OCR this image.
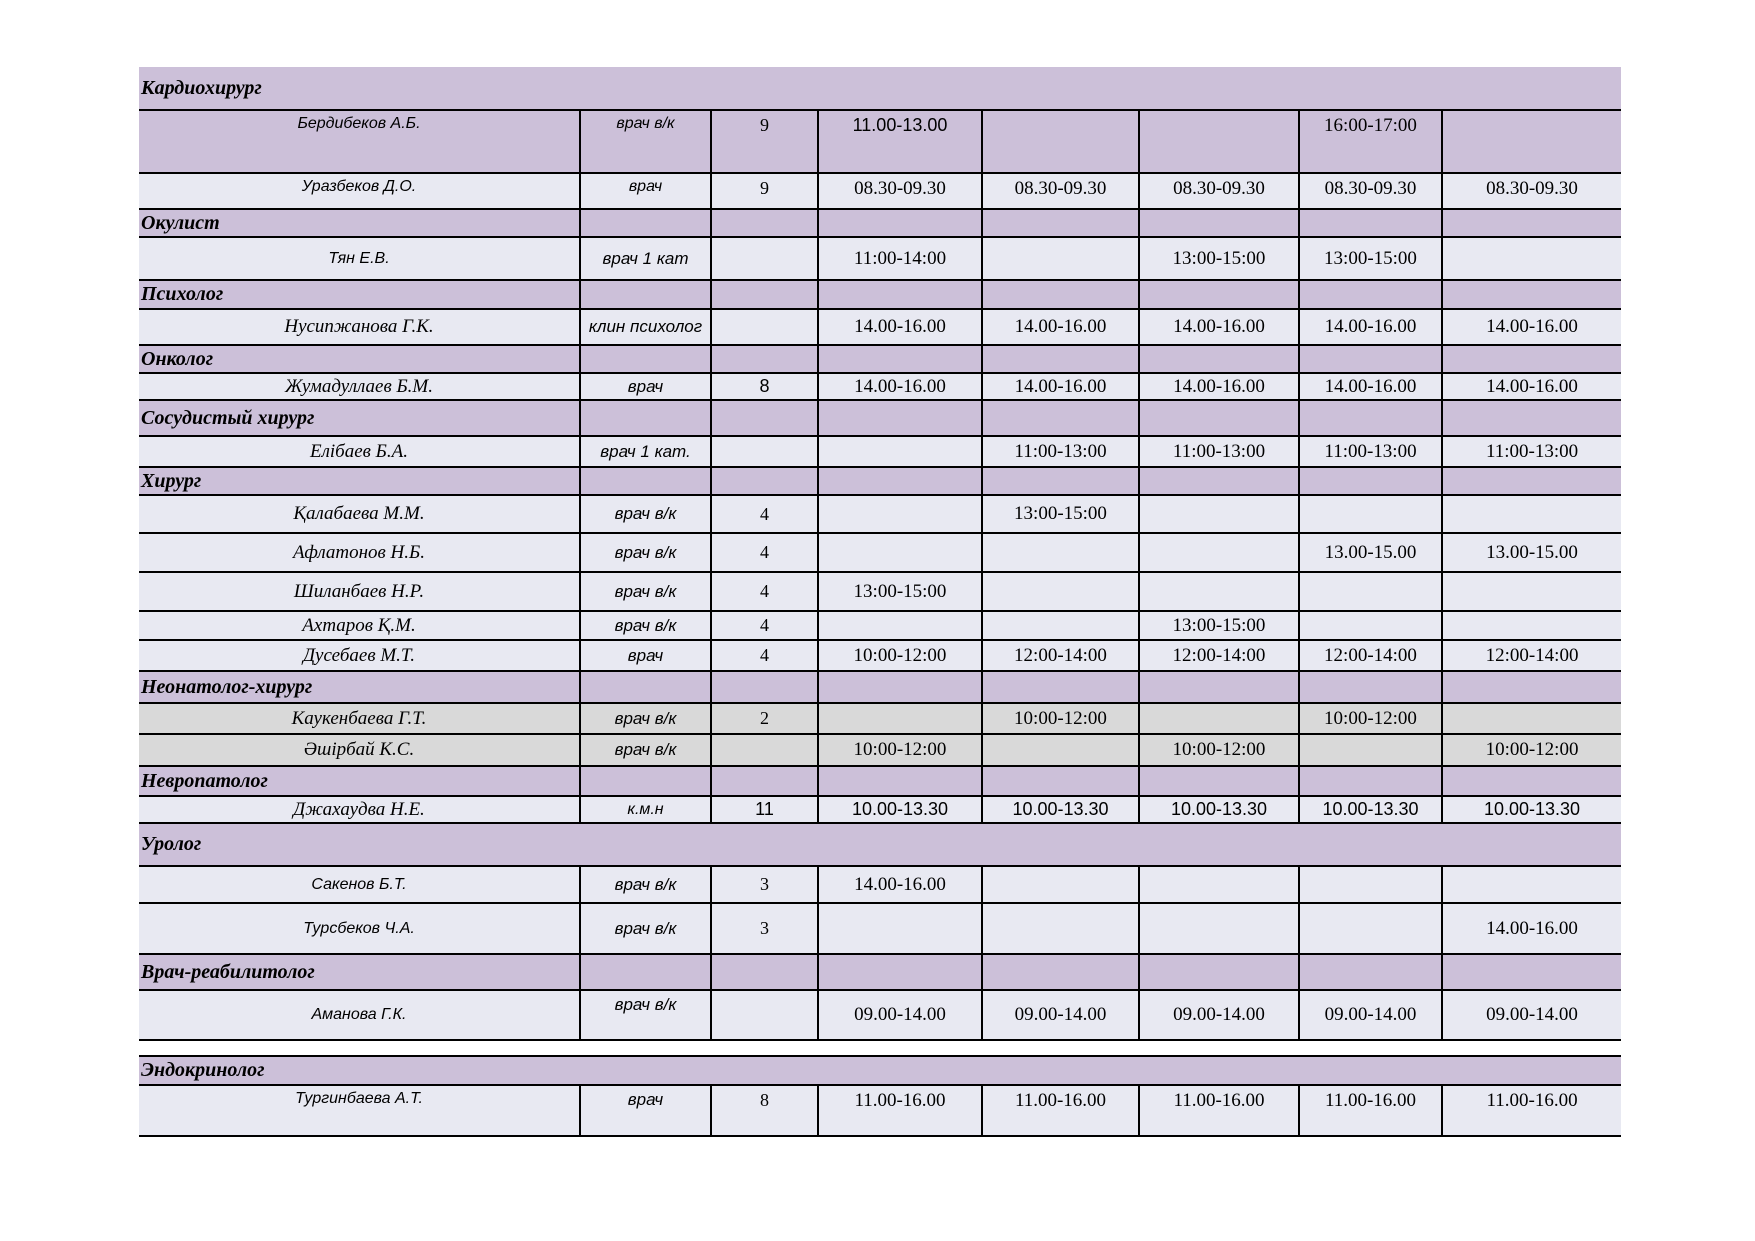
Кардиохирург							
Бердибеков А.Б.	врач в/к	9	11.00-13.00			16:00-17:00	
Уразбеков Д.О.	врач	9	08.30-09.30	08.30-09.30	08.30-09.30	08.30-09.30	08.30-09.30
Окулист							
Тян Е.В.	врач 1 кат		11:00-14:00		13:00-15:00	13:00-15:00	
Психолог							
Нусипжанова Г.К.	клин психолог		14.00-16.00	14.00-16.00	14.00-16.00	14.00-16.00	14.00-16.00
Онколог							
Жумадуллаев Б.М.	врач	8	14.00-16.00	14.00-16.00	14.00-16.00	14.00-16.00	14.00-16.00
Сосудистый хирург							
Елібаев Б.А.	врач 1 кат.			11:00-13:00	11:00-13:00	11:00-13:00	11:00-13:00
Хирург							
Қалабаева М.М.	врач в/к	4		13:00-15:00			
Афлатонов Н.Б.	врач в/к	4				13.00-15.00	13.00-15.00
Шиланбаев Н.Р.	врач в/к	4	13:00-15:00				
Ахтаров Қ.М.	врач в/к	4			13:00-15:00		
Дусебаев М.Т.	врач	4	10:00-12:00	12:00-14:00	12:00-14:00	12:00-14:00	12:00-14:00
Неонатолог-хирург							
Каукенбаева Г.Т.	врач в/к	2		10:00-12:00		10:00-12:00	
Әшірбай К.С.	врач в/к		10:00-12:00		10:00-12:00		10:00-12:00
Невропатолог							
Джахаудва Н.Е.	к.м.н	11	10.00-13.30	10.00-13.30	10.00-13.30	10.00-13.30	10.00-13.30
Уролог							
Сакенов Б.Т.	врач в/к	3	14.00-16.00				
Турсбеков Ч.А.	врач в/к	3					14.00-16.00
Врач-реабилитолог							
Аманова Г.К.	врач в/к		09.00-14.00	09.00-14.00	09.00-14.00	09.00-14.00	09.00-14.00

Эндокринолог							
Тургинбаева А.Т.	врач	8	11.00-16.00	11.00-16.00	11.00-16.00	11.00-16.00	11.00-16.00
